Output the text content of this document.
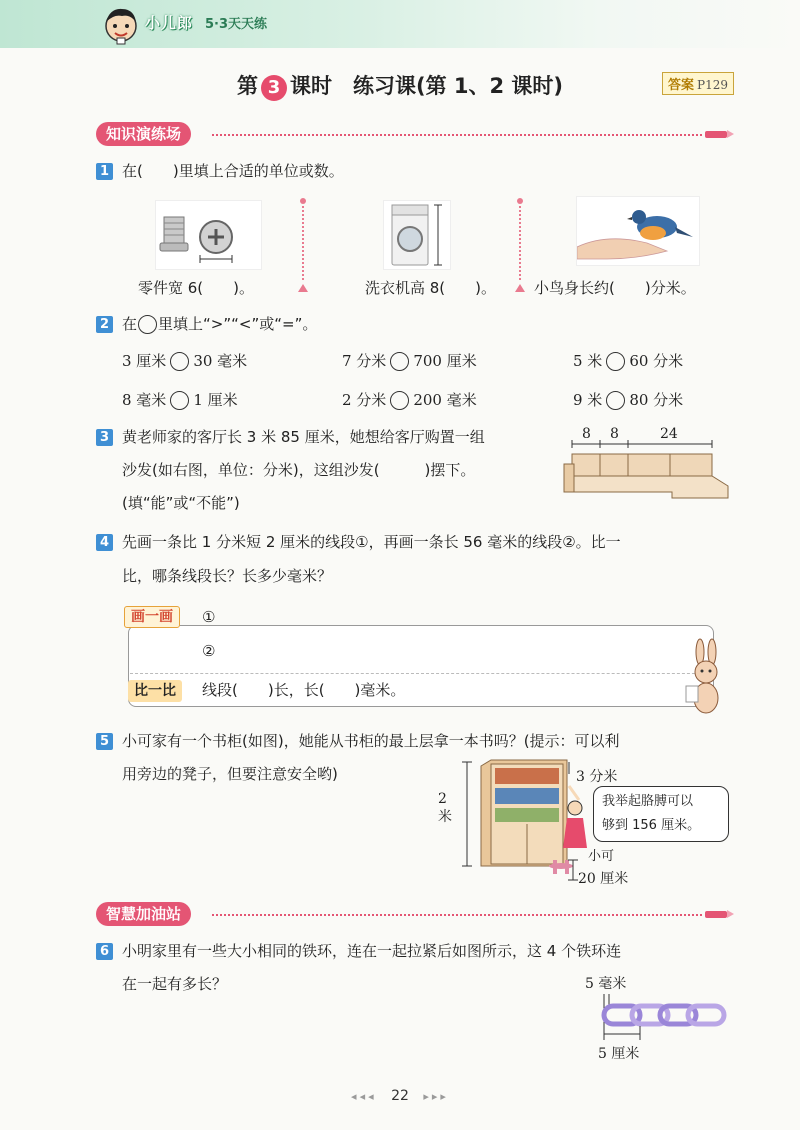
小儿郎 5·3天天练
第 3 课时　练习课(第 1、2 课时)	答案 P129
知识演练场
1 在(　　)里填上合适的单位或数。
零件宽 6(　　)。	洗衣机高 8(　　)。	小鸟身长约(　　)分米。
2 在 里填上“>”“<”或“=”。
3 厘米 30 毫米	7 分米 700 厘米	5 米 60 分米
8 毫米 1 厘米	2 分米 200 毫米	9 米 80 分米
3 黄老师家的客厅长 3 米 85 厘米，她想给客厅购置一组
沙发(如右图，单位：分米)，这组沙发(　　　)摆下。
(填“能”或“不能”)
8 8	24
4 先画一条比 1 分米短 2 厘米的线段①，再画一条长 56 毫米的线段②。比一
比，哪条线段长？长多少毫米？
画一画	①
②
比一比	线段(　　)长，长(　　)毫米。
5 小可家有一个书柜(如图)，她能从书柜的最上层拿一本书吗？(提示：可以利
用旁边的凳子，但要注意安全哟)	3 分米
2 米
小可
20 厘米
我举起胳膊可以
够到 156 厘米。
智慧加油站
6 小明家里有一些大小相同的铁环，连在一起拉紧后如图所示，这 4 个铁环连
在一起有多长？	5 毫米
5 厘米
◂◂◂ 22 ▸▸▸
